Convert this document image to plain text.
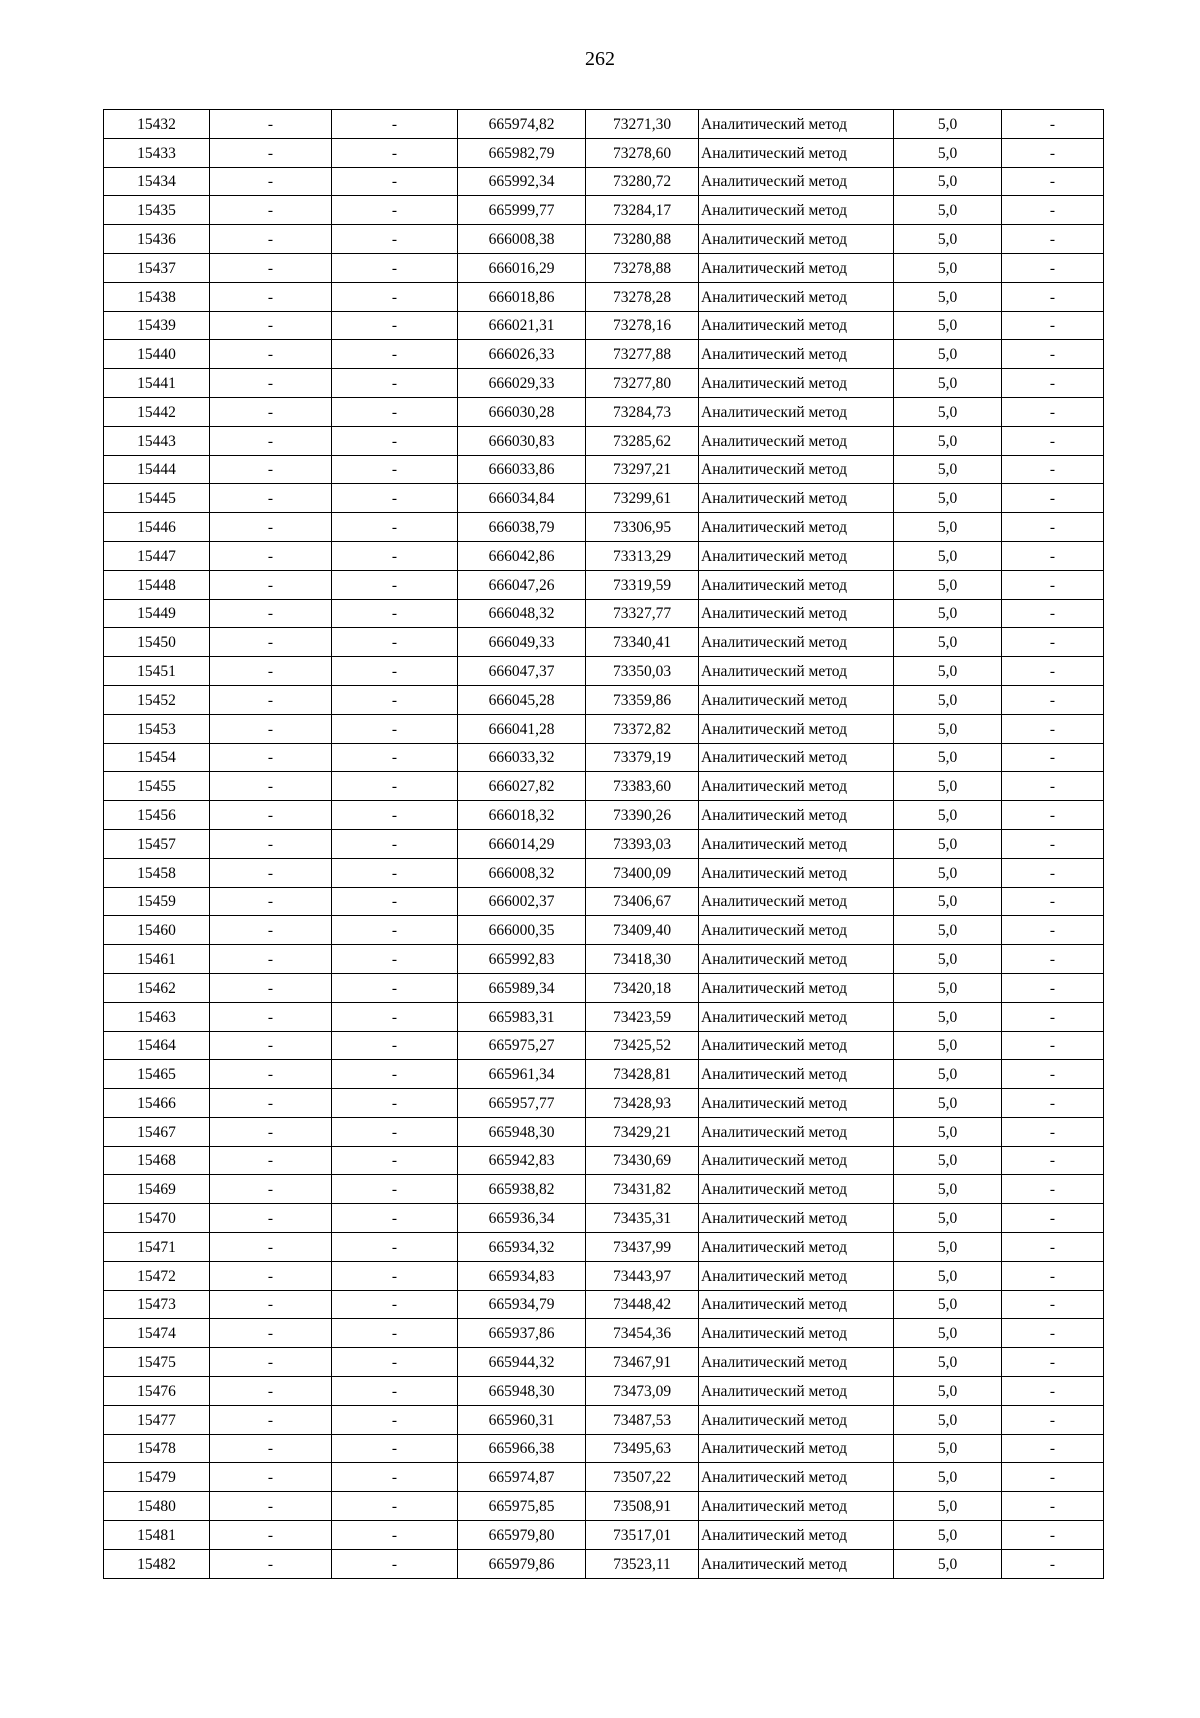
262
15432	-	-	665974,82	73271,30	Аналитический метод	5,0	-
15433	-	-	665982,79	73278,60	Аналитический метод	5,0	-
15434	-	-	665992,34	73280,72	Аналитический метод	5,0	-
15435	-	-	665999,77	73284,17	Аналитический метод	5,0	-
15436	-	-	666008,38	73280,88	Аналитический метод	5,0	-
15437	-	-	666016,29	73278,88	Аналитический метод	5,0	-
15438	-	-	666018,86	73278,28	Аналитический метод	5,0	-
15439	-	-	666021,31	73278,16	Аналитический метод	5,0	-
15440	-	-	666026,33	73277,88	Аналитический метод	5,0	-
15441	-	-	666029,33	73277,80	Аналитический метод	5,0	-
15442	-	-	666030,28	73284,73	Аналитический метод	5,0	-
15443	-	-	666030,83	73285,62	Аналитический метод	5,0	-
15444	-	-	666033,86	73297,21	Аналитический метод	5,0	-
15445	-	-	666034,84	73299,61	Аналитический метод	5,0	-
15446	-	-	666038,79	73306,95	Аналитический метод	5,0	-
15447	-	-	666042,86	73313,29	Аналитический метод	5,0	-
15448	-	-	666047,26	73319,59	Аналитический метод	5,0	-
15449	-	-	666048,32	73327,77	Аналитический метод	5,0	-
15450	-	-	666049,33	73340,41	Аналитический метод	5,0	-
15451	-	-	666047,37	73350,03	Аналитический метод	5,0	-
15452	-	-	666045,28	73359,86	Аналитический метод	5,0	-
15453	-	-	666041,28	73372,82	Аналитический метод	5,0	-
15454	-	-	666033,32	73379,19	Аналитический метод	5,0	-
15455	-	-	666027,82	73383,60	Аналитический метод	5,0	-
15456	-	-	666018,32	73390,26	Аналитический метод	5,0	-
15457	-	-	666014,29	73393,03	Аналитический метод	5,0	-
15458	-	-	666008,32	73400,09	Аналитический метод	5,0	-
15459	-	-	666002,37	73406,67	Аналитический метод	5,0	-
15460	-	-	666000,35	73409,40	Аналитический метод	5,0	-
15461	-	-	665992,83	73418,30	Аналитический метод	5,0	-
15462	-	-	665989,34	73420,18	Аналитический метод	5,0	-
15463	-	-	665983,31	73423,59	Аналитический метод	5,0	-
15464	-	-	665975,27	73425,52	Аналитический метод	5,0	-
15465	-	-	665961,34	73428,81	Аналитический метод	5,0	-
15466	-	-	665957,77	73428,93	Аналитический метод	5,0	-
15467	-	-	665948,30	73429,21	Аналитический метод	5,0	-
15468	-	-	665942,83	73430,69	Аналитический метод	5,0	-
15469	-	-	665938,82	73431,82	Аналитический метод	5,0	-
15470	-	-	665936,34	73435,31	Аналитический метод	5,0	-
15471	-	-	665934,32	73437,99	Аналитический метод	5,0	-
15472	-	-	665934,83	73443,97	Аналитический метод	5,0	-
15473	-	-	665934,79	73448,42	Аналитический метод	5,0	-
15474	-	-	665937,86	73454,36	Аналитический метод	5,0	-
15475	-	-	665944,32	73467,91	Аналитический метод	5,0	-
15476	-	-	665948,30	73473,09	Аналитический метод	5,0	-
15477	-	-	665960,31	73487,53	Аналитический метод	5,0	-
15478	-	-	665966,38	73495,63	Аналитический метод	5,0	-
15479	-	-	665974,87	73507,22	Аналитический метод	5,0	-
15480	-	-	665975,85	73508,91	Аналитический метод	5,0	-
15481	-	-	665979,80	73517,01	Аналитический метод	5,0	-
15482	-	-	665979,86	73523,11	Аналитический метод	5,0	-
